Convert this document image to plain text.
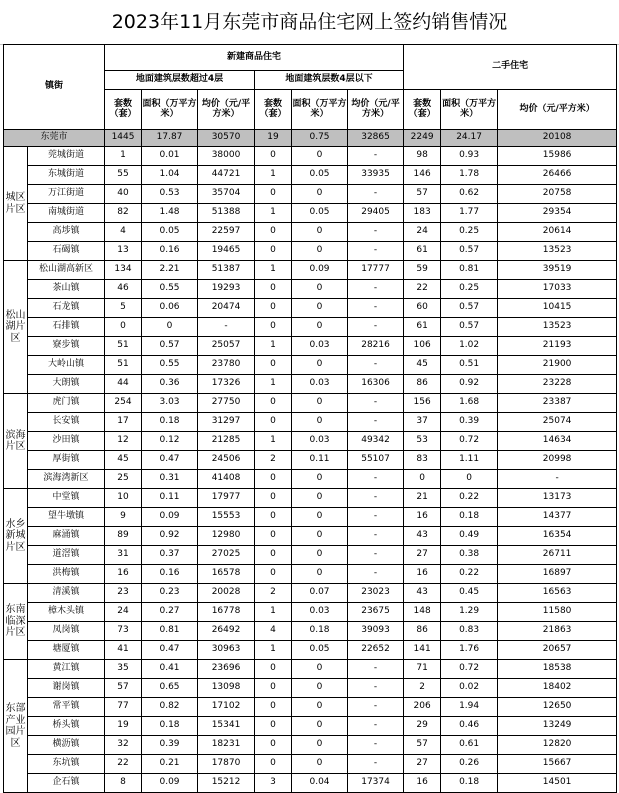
2023年11月东莞市商品住宅网上签约销售情况
镇街		新建商品住宅						二手住宅		
		地面建筑层数超过4层			地面建筑层数4层以下					
		套数（套）	面积（万平方米）	均价（元/平方米）	套数（套）	面积（万平方米）	均价（元/平方米）	套数（套）	面积（万平方米）	均价（元/平方米）
东莞市		1445	17.87	30570	19	0.75	32865	2249	24.17	20108
城区片区	莞城街道	1	0.01	38000	0	0	-	98	0.93	15986
	东城街道	55	1.04	44721	1	0.05	33935	146	1.78	26466
	万江街道	40	0.53	35704	0	0	-	57	0.62	20758
	南城街道	82	1.48	51388	1	0.05	29405	183	1.77	29354
	高埗镇	4	0.05	22597	0	0	-	24	0.25	20614
	石碣镇	13	0.16	19465	0	0	-	61	0.57	13523
松山湖片区	松山湖高新区	134	2.21	51387	1	0.09	17777	59	0.81	39519
	茶山镇	46	0.55	19293	0	0	-	22	0.25	17033
	石龙镇	5	0.06	20474	0	0	-	60	0.57	10415
	石排镇	0	0	-	0	0	-	61	0.57	13523
	寮步镇	51	0.57	25057	1	0.03	28216	106	1.02	21193
	大岭山镇	51	0.55	23780	0	0	-	45	0.51	21900
	大朗镇	44	0.36	17326	1	0.03	16306	86	0.92	23228
滨海片区	虎门镇	254	3.03	27750	0	0	-	156	1.68	23387
	长安镇	17	0.18	31297	0	0	-	37	0.39	25074
	沙田镇	12	0.12	21285	1	0.03	49342	53	0.72	14634
	厚街镇	45	0.47	24506	2	0.11	55107	83	1.11	20998
	滨海湾新区	25	0.31	41408	0	0	-	0	0	-
水乡新城片区	中堂镇	10	0.11	17977	0	0	-	21	0.22	13173
	望牛墩镇	9	0.09	15553	0	0	-	16	0.18	14377
	麻涌镇	89	0.92	12980	0	0	-	43	0.49	16354
	道滘镇	31	0.37	27025	0	0	-	27	0.38	26711
	洪梅镇	16	0.16	16578	0	0	-	16	0.22	16897
东南临深片区	清溪镇	23	0.23	20028	2	0.07	23023	43	0.45	16563
	樟木头镇	24	0.27	16778	1	0.03	23675	148	1.29	11580
	凤岗镇	73	0.81	26492	4	0.18	39093	86	0.83	21863
	塘厦镇	41	0.47	30963	1	0.05	22652	141	1.76	20657
东部产业园片区	黄江镇	35	0.41	23696	0	0	-	71	0.72	18538
	谢岗镇	57	0.65	13098	0	0	-	2	0.02	18402
	常平镇	77	0.82	17102	0	0	-	206	1.94	12650
	桥头镇	19	0.18	15341	0	0	-	29	0.46	13249
	横沥镇	32	0.39	18231	0	0	-	57	0.61	12820
	东坑镇	22	0.21	17870	0	0	-	27	0.26	15667
	企石镇	8	0.09	15212	3	0.04	17374	16	0.18	14501
